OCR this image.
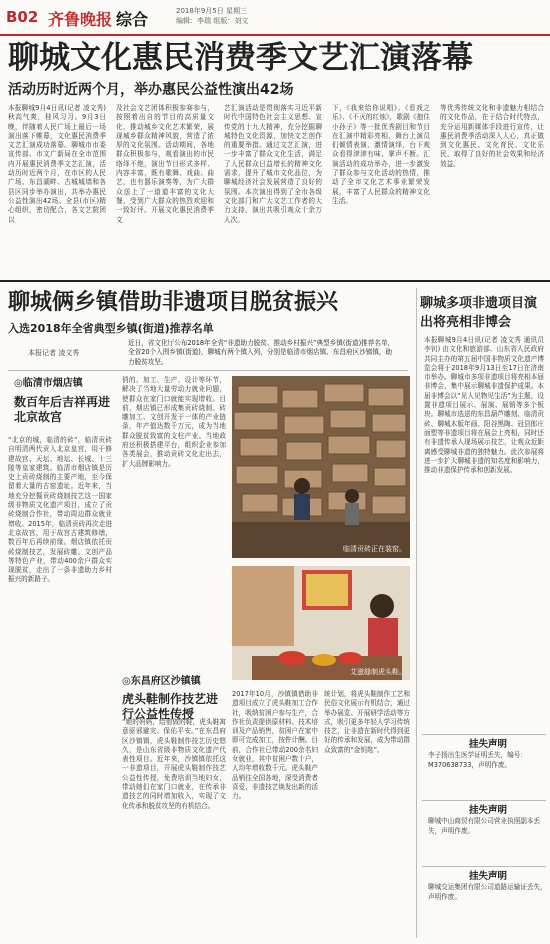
B02 齐鲁晚报 综合	2018年9月5日 星期三
编辑：李瑞 组版：刘文
聊城文化惠民消费季文艺汇演落幕
活动历时近两个月，举办惠民公益性演出42场
本报聊城9月4日讯(记者 凌文秀) 秋高气爽，桂风习习。9月3日晚，伴随着人民广场上最后一场演出落下帷幕，文化惠民消费季文艺汇演成功落幕。聊城市市委宣传部、市文广新局在全市范围内开展惠民消费季文艺汇演，活动历时近两个月，在市区的人民广场、东昌湖畔、古城城墙和各县区同步举办演出，共举办惠民公益性演出42场。全县(市区)精心组织，密切配合，各文艺院团以
及社会文艺团体积极参赛参与，按照着出自的节目的高质量文化，推动城乡文化艺术繁荣，展现城乡群众精神风貌，营造了浓厚的文化氛围。活动期间，各地群众积极参与，观看演出的市民络绎不绝，演出节目形式多样、内容丰富，既有歌舞、戏曲、曲艺，也有器乐演奏等，为广大群众送上了一道道丰富的文化大餐，受到广大群众的热烈欢迎和一致好评。开展文化惠民消费季文
艺汇演活动是贯彻落实习近平新时代中国特色社会主义思想、宣传党的十九大精神，充分挖掘聊城特色文化资源，加快文艺创作的重要举措。通过文艺汇演，进一步丰富了群众文化生活，满足了人民群众日益增长的精神文化需求，提升了城市文化品位，为聊城经济社会发展营造了良好的氛围。本次演出得到了全市各级文化部门和广大文艺工作者的大力支持，演出共吸引观众十余万人次。
下，《我来给你说唱》、《看戏之乐》、《不灭的红烛》，歌剧《抱住小孙子》等一批优秀剧目和节目在汇演中精彩亮相，舞台上演员们倾情表演、激情演绎，台下观众看得津津有味、掌声不断。汇演活动的成功举办，进一步激发了群众参与文化活动的热情，推动了全市文化艺术事业繁荣发展，丰富了人民群众的精神文化生活。
等优秀传统文化和非遗魅力相结合的文化作品，在于结合时代特点，充分运用新媒体手段进行宣传，让惠民消费季活动深入人心，真正做到文化惠民、文化育民、文化乐民，取得了良好的社会效果和经济效益。
聊城俩乡镇借助非遗项目脱贫振兴
入选2018年全省典型乡镇(街道)推荐名单
本报记者 凌文秀
近日，省文化厅公布2018年全省“非遗助力脱贫、推动乡村振兴”典型乡镇(街道)推荐名单，全省20个入围乡镇(街道)，聊城有两个镇入列，分别是临清市烟店镇、东昌府区沙镇镇，助力脱贫攻坚。
◎临清市烟店镇
数百年后吉祥再进北京故宫
“北京的城，临清的砖”，临清贡砖自明清两代贡入北京皇宫，用于修建故宫、天坛、地坛、长城、十三陵等皇家建筑。临清市烟店镇是历史上贡砖烧制的主要产地，至今保留着大量的古窑遗址。近年来，当地充分挖掘贡砖烧制技艺这一国家级非物质文化遗产项目，成立了贡砖烧制合作社，带动周边群众就业增收。2015年，临清贡砖再次走进北京故宫，用于故宫古建筑修缮，数百年后再续前缘。烟店镇依托贡砖烧制技艺，发展砖雕、文创产品等特色产业，带动400余户群众实现脱贫，走出了一条非遗助力乡村振兴的新路子。
俏的、加工、生产、设计等环节，解决了当地大量劳动力就业问题，使群众在家门口就能实现增收。目前，烟店镇已形成集贡砖烧制、砖雕加工、文创开发于一体的产业链条，年产值达数千万元，成为当地群众脱贫致富的支柱产业。当地政府还积极搭建平台，组织企业参加各类展会，推动贡砖文化走出去，扩大品牌影响力。
临清贡砖正在装窑。
艾滋缝制虎头鞋。
◎东昌府区沙镇镇
虎头鞋制作技艺进行公益性传授
“她的妈妈，给他做的鞋，虎头鞋寓意驱邪避灾、保佑平安。”在东昌府区沙镇镇，虎头鞋制作技艺历史悠久，是山东省级非物质文化遗产代表性项目。近年来，沙镇镇依托这一非遗项目，开展虎头鞋制作技艺公益性传授，免费培训当地妇女，带动她们在家门口就业，在传承非遗技艺的同时增加收入，实现了文化传承和脱贫攻坚的有机结合。
2017年10月，沙镇镇借助非遗项目成立了虎头鞋加工合作社，吸纳贫困户参与生产，合作社负责提供原材料、技术培训及产品销售，贫困户在家中即可完成加工，按件计酬。目前，合作社已带动200余名妇女就业，其中贫困户数十户，人均年增收数千元。虎头鞋产品销往全国各地，深受消费者喜爱，非遗技艺焕发出新的活力。
统计划，将虎头鞋制作工艺和民俗文化展示有机结合，通过举办展览、开展研学活动等方式，吸引更多年轻人学习传统技艺，让非遗在新时代得到更好的传承和发展，成为带动群众致富的“金钥匙”。
聊城多项非遗项目演出将亮相非博会
本报聊城9月4日讯(记者 凌文秀 通讯员 李钊) 由文化和旅游部、山东省人民政府共同主办的第五届中国非物质文化遗产博览会将于2018年9月13日至17日在济南市举办。聊城市多项非遗项目将亮相本届非博会，集中展示聊城非遗保护成果。本届非博会以“见人见物见生活”为主题，设置非遗项目展示、展演、展销等多个板块。聊城市选送的东昌葫芦雕刻、临清贡砖、聊城木版年画、阳谷黑陶、冠县郎庄面塑等非遗项目将在展会上亮相，同时还有非遗传承人现场展示技艺，让观众近距离感受聊城非遗的独特魅力。此次参展将进一步扩大聊城非遗的知名度和影响力，推动非遗保护传承和创新发展。
挂失声明
李子扬出生医学证明丢失，编号：M370638733，声明作废。
挂失声明
聊城中山商贸有限公司营业执照副本丢失，声明作废。
挂失声明
聊城交运集团有限公司道路运输证丢失，声明作废。
